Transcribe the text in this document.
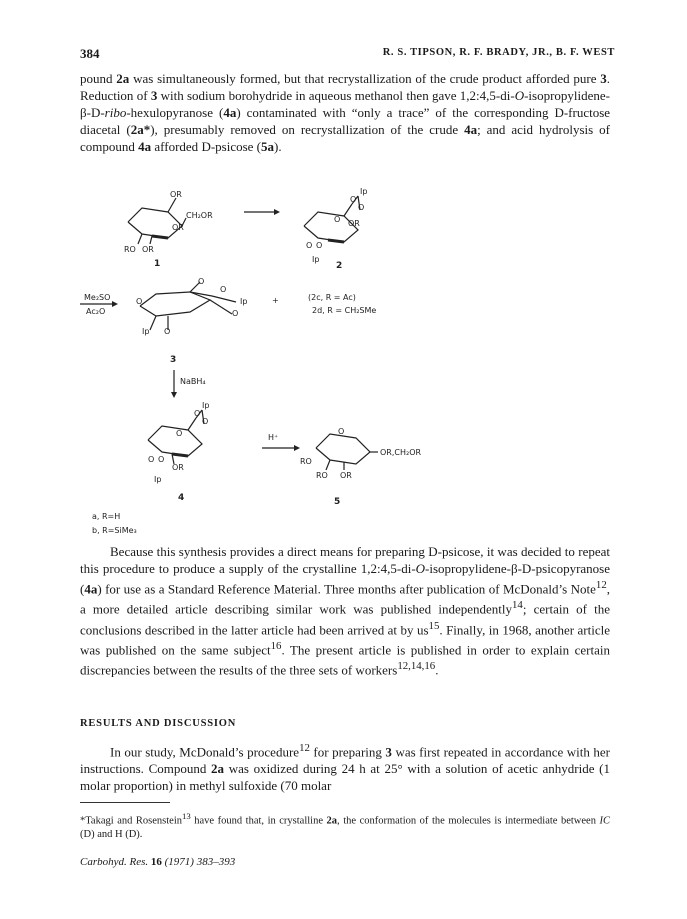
384	R. S. TIPSON, R. F. BRADY, JR., B. F. WEST

pound 2a was simultaneously formed, but that recrystallization of the crude product afforded pure 3. Reduction of 3 with sodium borohydride in aqueous methanol then gave 1,2:4,5-di-O-isopropylidene-β-D-ribo-hexulopyranose (4a) contaminated with “only a trace” of the corresponding D-fructose diacetal (2a*), presumably removed on recrystallization of the crude 4a; and acid hydrolysis of compound 4a afforded D-psicose (5a).

OR
CH₂OR
OR
RO OR
1
O
Ip
O
O OR
O O
Ip
2
Me₂SO
Ac₂O
O
O
O
O
Ip
Ip O
3
+	(2c, R = Ac)
2d, R = CH₂SMe
NaBH₄
O
Ip
O
O
O O
OR
Ip
4
H⁺
O
OR,CH₂OR
RO
RO OR
5
a, R=H
b, R=SiMe₃

Because this synthesis provides a direct means for preparing D-psicose, it was decided to repeat this procedure to produce a supply of the crystalline 1,2:4,5-di-O-isopropylidene-β-D-psicopyranose (4a) for use as a Standard Reference Material. Three months after publication of McDonald’s Note$^{12}$, a more detailed article describing similar work was published independently$^{14}$; certain of the conclusions described in the latter article had been arrived at by $us^{15}$. Finally, in 1968, another article was published on the same subject$^{16}$. The present article is published in order to explain certain discrepancies between the results of the three sets of workers$^{12,14,16}$.

RESULTS AND DISCUSSION

In our study, McDonald’s procedure$^{12}$ for preparing 3 was first repeated in accordance with her instructions. Compound 2a was oxidized during 24 h at 25° with a solution of acetic anhydride (1 molar proportion) in methyl sulfoxide (70 molar

*Takagi and Rosenstein$^{13}$ have found that, in crystalline 2a, the conformation of the molecules is intermediate between IC (D) and H (D).
Carbohyd. Res. 16 (1971) 383–393
